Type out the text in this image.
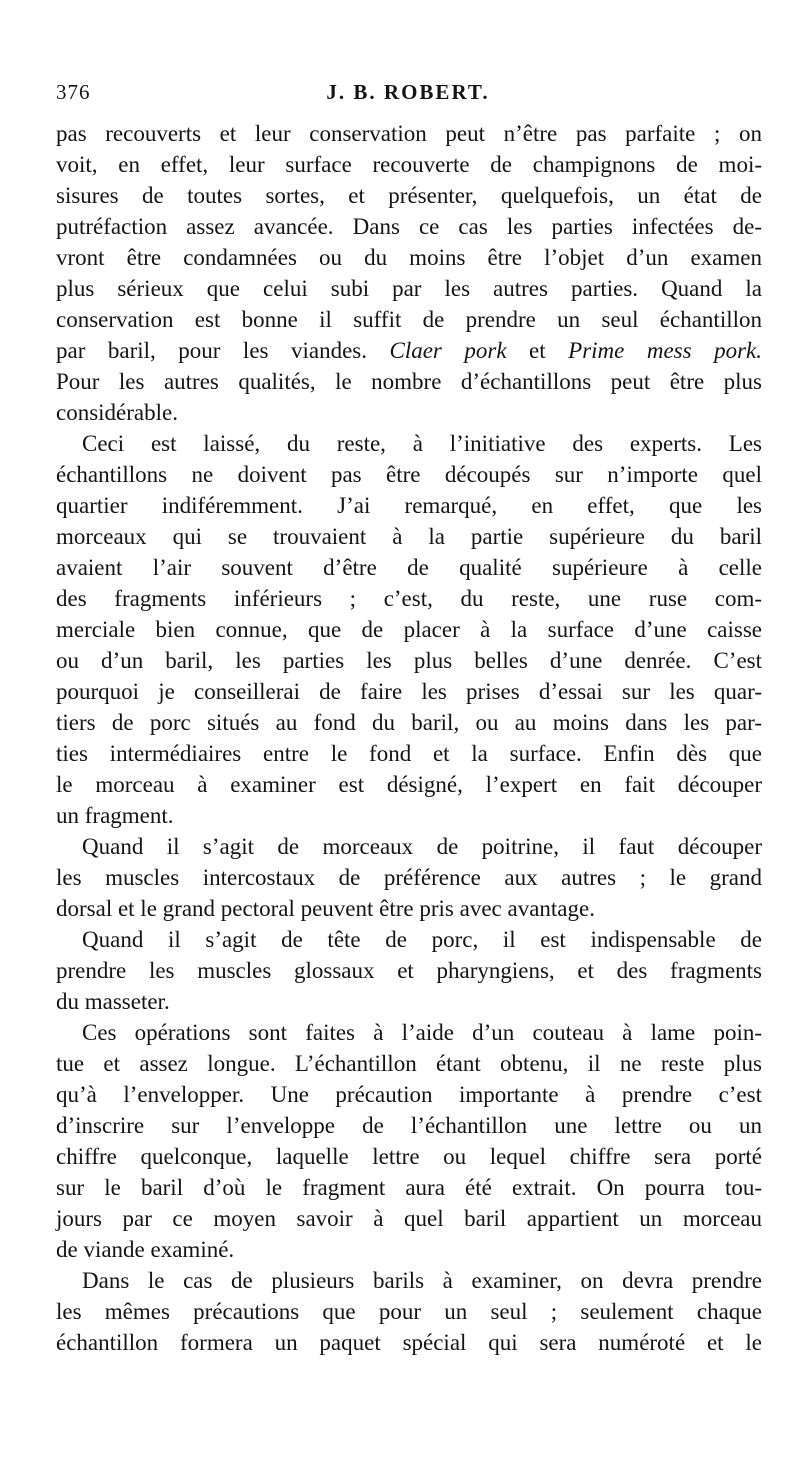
376	J. B. ROBERT.
pas recouverts et leur conservation peut n’être pas parfaite ; on
voit, en effet, leur surface recouverte de champignons de moi-
sisures de toutes sortes, et présenter, quelquefois, un état de
putréfaction assez avancée. Dans ce cas les parties infectées de-
vront être condamnées ou du moins être l’objet d’un examen
plus sérieux que celui subi par les autres parties. Quand la
conservation est bonne il suffit de prendre un seul échantillon
par baril, pour les viandes. Claer pork et Prime mess pork.
Pour les autres qualités, le nombre d’échantillons peut être plus
considérable.
Ceci est laissé, du reste, à l’initiative des experts. Les
échantillons ne doivent pas être découpés sur n’importe quel
quartier indiféremment. J’ai remarqué, en effet, que les
morceaux qui se trouvaient à la partie supérieure du baril
avaient l’air souvent d’être de qualité supérieure à celle
des fragments inférieurs ; c’est, du reste, une ruse com-
merciale bien connue, que de placer à la surface d’une caisse
ou d’un baril, les parties les plus belles d’une denrée. C’est
pourquoi je conseillerai de faire les prises d’essai sur les quar-
tiers de porc situés au fond du baril, ou au moins dans les par-
ties intermédiaires entre le fond et la surface. Enfin dès que
le morceau à examiner est désigné, l’expert en fait découper
un fragment.
Quand il s’agit de morceaux de poitrine, il faut découper
les muscles intercostaux de préférence aux autres ; le grand
dorsal et le grand pectoral peuvent être pris avec avantage.
Quand il s’agit de tête de porc, il est indispensable de
prendre les muscles glossaux et pharyngiens, et des fragments
du masseter.
Ces opérations sont faites à l’aide d’un couteau à lame poin-
tue et assez longue. L’échantillon étant obtenu, il ne reste plus
qu’à l’envelopper. Une précaution importante à prendre c’est
d’inscrire sur l’enveloppe de l’échantillon une lettre ou un
chiffre quelconque, laquelle lettre ou lequel chiffre sera porté
sur le baril d’où le fragment aura été extrait. On pourra tou-
jours par ce moyen savoir à quel baril appartient un morceau
de viande examiné.
Dans le cas de plusieurs barils à examiner, on devra prendre
les mêmes précautions que pour un seul ; seulement chaque
échantillon formera un paquet spécial qui sera numéroté et le
